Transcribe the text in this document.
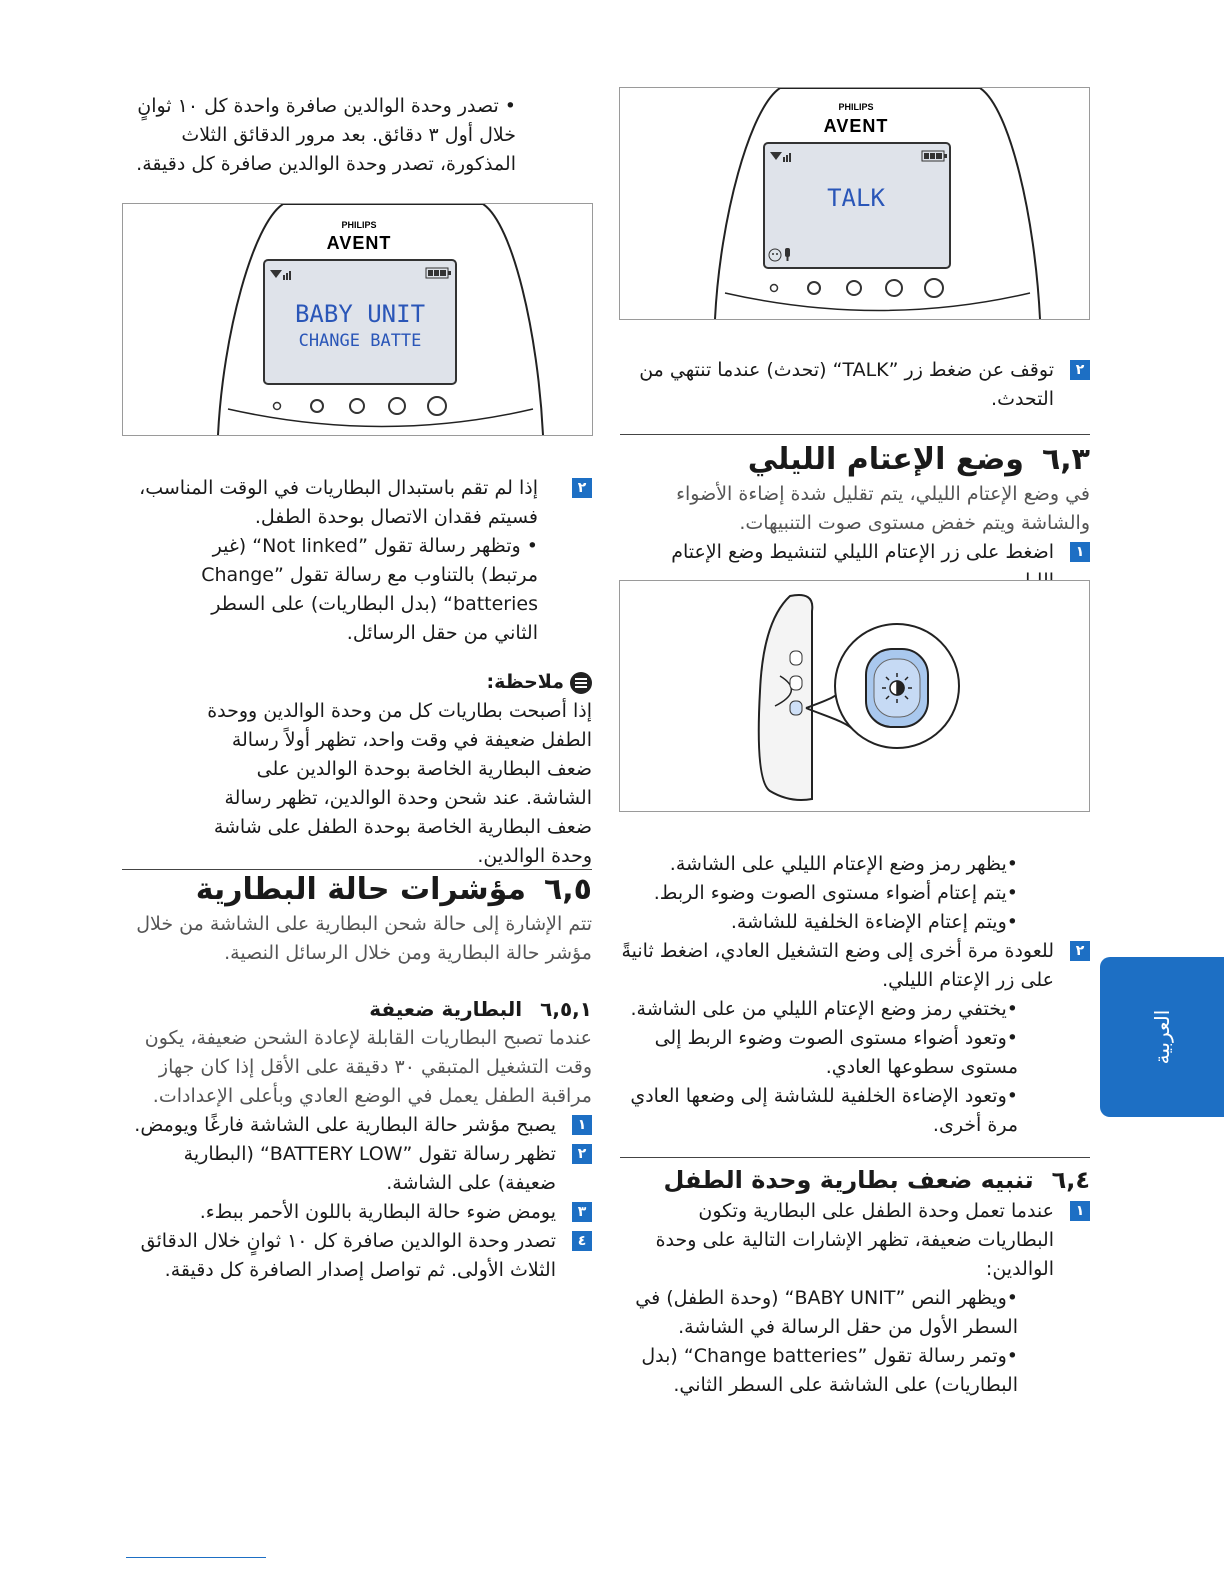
PHILIPS
AVENT
TALK
٢
توقف عن ضغط زر ”TALK“ (تحدث) عندما تنتهي من التحدث.
٦,٣وضع الإعتام الليلي
في وضع الإعتام الليلي، يتم تقليل شدة إضاءة الأضواء والشاشة ويتم خفض مستوى صوت التنبيهات.
١
اضغط على زر الإعتام الليلي لتنشيط وضع الإعتام
•يظهر رمز وضع الإعتام الليلي على الشاشة.
•يتم إعتام أضواء مستوى الصوت وضوء الربط.
•ويتم إعتام الإضاءة الخلفية للشاشة.
٢
للعودة مرة أخرى إلى وضع التشغيل العادي، اضغط ثانيةً على زر الإعتام الليلي.
•يختفي رمز وضع الإعتام الليلي من على الشاشة.
•وتعود أضواء مستوى الصوت وضوء الربط إلى مستوى سطوعها العادي.
•وتعود الإضاءة الخلفية للشاشة إلى وضعها العادي مرة أخرى.
٦,٤تنبيه ضعف بطارية وحدة الطفل
١
عندما تعمل وحدة الطفل على البطارية وتكون البطاريات ضعيفة، تظهر الإشارات التالية على وحدة الوالدين:
•ويظهر النص ”BABY UNIT“ (وحدة الطفل) في السطر الأول من حقل الرسالة في الشاشة.
•وتمر رسالة تقول ”Change batteries“ (بدل البطاريات) على الشاشة على السطر الثاني.
العربية
• تصدر وحدة الوالدين صافرة واحدة كل ١٠ ثوانٍ خلال أول ٣ دقائق. بعد مرور الدقائق الثلاث المذكورة، تصدر وحدة الوالدين صافرة كل دقيقة.
PHILIPS
AVENT
BABY UNIT
CHANGE BATTE
٢
إذا لم تقم باستبدال البطاريات في الوقت المناسب، فسيتم فقدان الاتصال بوحدة الطفل.
• وتظهر رسالة تقول ”Not linked“ (غير مرتبط) بالتناوب مع رسالة تقول ”Change batteries“ (بدل البطاريات) على السطر الثاني من حقل الرسائل.
ملاحظة:
إذا أصبحت بطاريات كل من وحدة الوالدين ووحدة الطفل ضعيفة في وقت واحد، تظهر أولاً رسالة ضعف البطارية الخاصة بوحدة الوالدين على الشاشة. عند شحن وحدة الوالدين، تظهر رسالة ضعف البطارية الخاصة بوحدة الطفل على شاشة وحدة الوالدين.
٦,٥مؤشرات حالة البطارية
تتم الإشارة إلى حالة شحن البطارية على الشاشة من خلال مؤشر حالة البطارية ومن خلال الرسائل النصية.
٦,٥,١البطارية ضعيفة
عندما تصبح البطاريات القابلة لإعادة الشحن ضعيفة، يكون وقت التشغيل المتبقي ٣٠ دقيقة على الأقل إذا كان جهاز مراقبة الطفل يعمل في الوضع العادي وبأعلى الإعدادات.
١
يصبح مؤشر حالة البطارية على الشاشة فارغًا ويومض.
٢
تظهر رسالة تقول ”BATTERY LOW“ (البطارية ضعيفة) على الشاشة.
٣
يومض ضوء حالة البطارية باللون الأحمر ببطء.
٤
تصدر وحدة الوالدين صافرة كل ١٠ ثوانٍ خلال الدقائق الثلاث الأولى. ثم تواصل إصدار الصافرة كل دقيقة.
